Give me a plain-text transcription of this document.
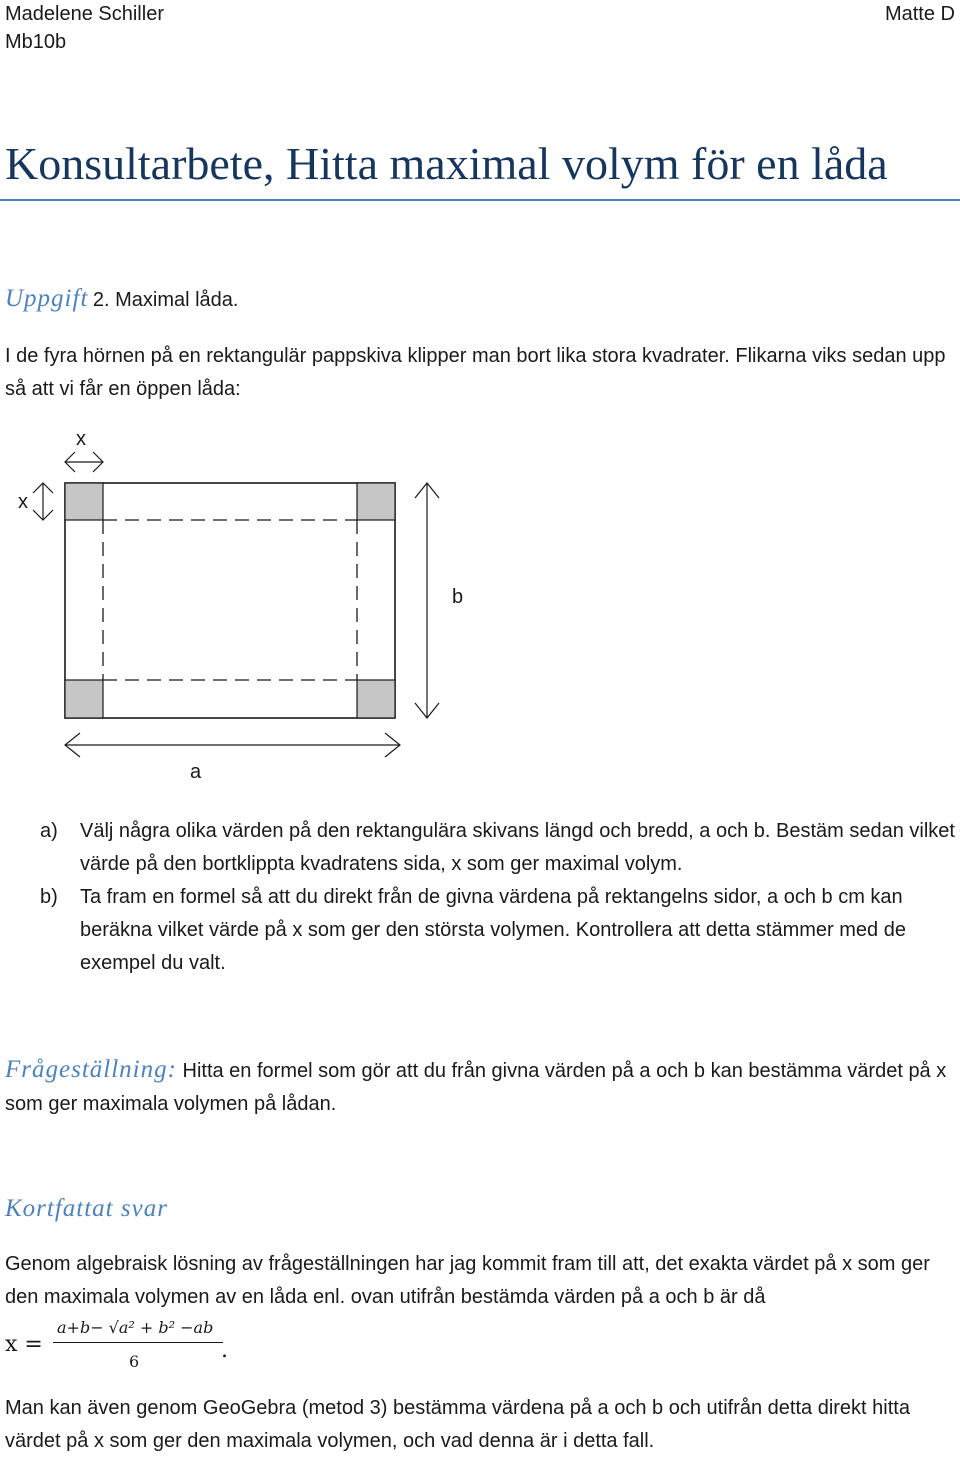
Madelene Schiller
Mb10b
Matte D
Konsultarbete, Hitta maximal volym för en låda
Uppgift 2. Maximal låda.
I de fyra hörnen på en rektangulär pappskiva klipper man bort lika stora kvadrater. Flikarna viks sedan upp så att vi får en öppen låda:
x
x
b
a
a) Välj några olika värden på den rektangulära skivans längd och bredd, a och b. Bestäm sedan vilket värde på den bortklippta kvadratens sida, x som ger maximal volym.
b) Ta fram en formel så att du direkt från de givna värdena på rektangelns sidor, a och b cm kan beräkna vilket värde på x som ger den största volymen. Kontrollera att detta stämmer med de exempel du valt.
Frågeställning: Hitta en formel som gör att du från givna värden på a och b kan bestämma värdet på x som ger maximala volymen på lådan.
Kortfattat svar
Genom algebraisk lösning av frågeställningen har jag kommit fram till att, det exakta värdet på x som ger den maximala volymen av en låda enl. ovan utifrån bestämda värden på a och b är då
x =
a+b− √a² + b² −ab
6	.
Man kan även genom GeoGebra (metod 3) bestämma värdena på a och b och utifrån detta direkt hitta värdet på x som ger den maximala volymen, och vad denna är i detta fall.
